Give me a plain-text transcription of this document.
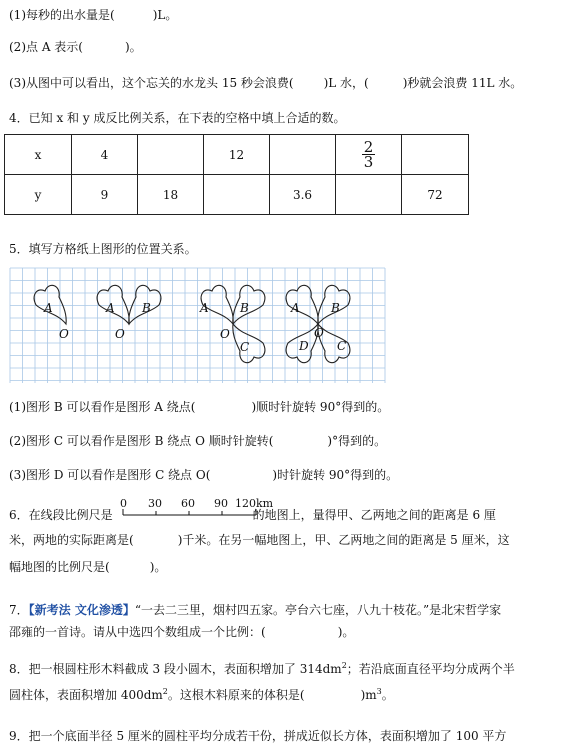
(1)每秒的出水量是(	)L。
(2)点 A 表示(	)。
(3)从图中可以看出，这个忘关的水龙头 15 秒会浪费(	)L 水，(	)秒就会浪费 11L 水。
4．已知 x 和 y 成反比例关系，在下表的空格中填上合适的数。
x	4		12		$\frac{2}{3}$

y	9	18		3.6		72
5．填写方格纸上图形的位置关系。
A
O
A B
O
A	B
O
C
A	B
D
O
C
(1)图形 B 可以看作是图形 A 绕点(	)顺时针旋转 90°得到的。
(2)图形 C 可以看作是图形 B 绕点 O 顺时针旋转(	)°得到的。
(3)图形 D 可以看作是图形 C 绕点 O(	)时针旋转 90°得到的。
6．在线段比例尺是	的地图上，量得甲、乙两地之间的距离是 6 厘
0 30 60 90 120km
米，两地的实际距离是(	)千米。在另一幅地图上，甲、乙两地之间的距离是 5 厘米，这
幅地图的比例尺是(	)。
7．【新考法 文化渗透】“一去二三里，烟村四五家。亭台六七座，八九十枝花。”是北宋哲学家
邵雍的一首诗。请从中选四个数组成一个比例：(	)。
8．把一根圆柱形木料截成 3 段小圆木，表面积增加了 $314dm^2$；若沿底面直径平均分成两个半
圆柱体，表面积增加 $400dm^2$。这根木料原来的体积是(	)$m^3$。
9．把一个底面半径 5 厘米的圆柱平均分成若干份，拼成近似长方体，表面积增加了 100 平方
